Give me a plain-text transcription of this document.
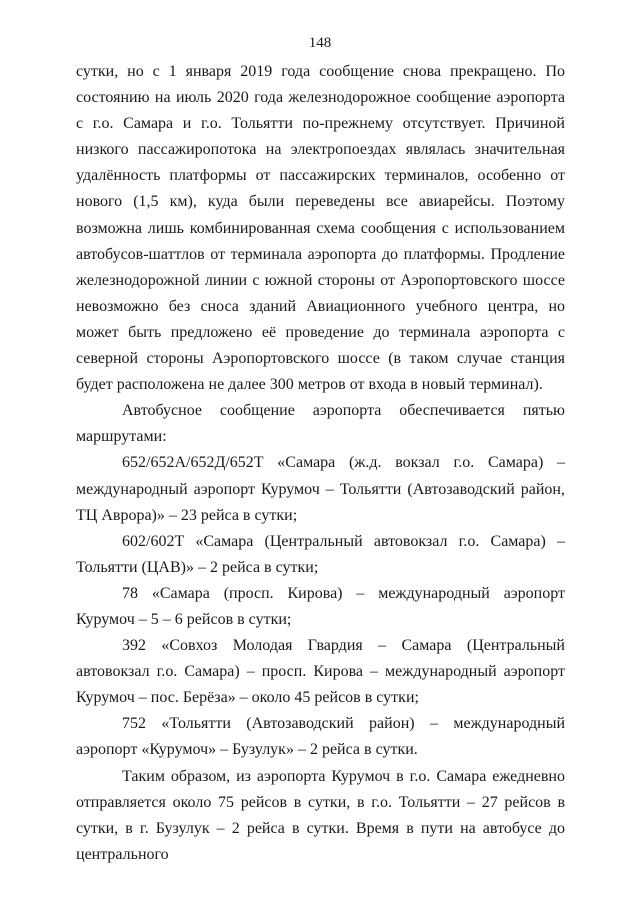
148

сутки, но с 1 января 2019 года сообщение снова прекращено. По состоянию на июль 2020 года железнодорожное сообщение аэропорта с г.о. Самара и г.о. Тольятти по-прежнему отсутствует. Причиной низкого пассажиропотока на электропоездах являлась значительная удалённость платформы от пассажирских терминалов, особенно от нового (1,5 км), куда были переведены все авиарейсы. Поэтому возможна лишь комбинированная схема сообщения с использованием автобусов-шаттлов от терминала аэропорта до платформы. Продление железнодорожной линии с южной стороны от Аэропортовского шоссе невозможно без сноса зданий Авиационного учебного центра, но может быть предложено её проведение до терминала аэропорта с северной стороны Аэропортовского шоссе (в таком случае станция будет расположена не далее 300 метров от входа в новый терминал).

Автобусное сообщение аэропорта обеспечивается пятью маршрутами:

652/652А/652Д/652Т «Самара (ж.д. вокзал г.о. Самара) – международный аэропорт Курумоч – Тольятти (Автозаводский район, ТЦ Аврора)» – 23 рейса в сутки;

602/602Т «Самара (Центральный автовокзал г.о. Самара) – Тольятти (ЦАВ)» – 2 рейса в сутки;

78 «Самара (просп. Кирова) – международный аэропорт Курумоч – 5 – 6 рейсов в сутки;

392 «Совхоз Молодая Гвардия – Самара (Центральный автовокзал г.о. Самара) – просп. Кирова – международный аэропорт Курумоч – пос. Берёза» – около 45 рейсов в сутки;

752 «Тольятти (Автозаводский район) – международный аэропорт «Курумоч» – Бузулук» – 2 рейса в сутки.

Таким образом, из аэропорта Курумоч в г.о. Самара ежедневно отправляется около 75 рейсов в сутки, в г.о. Тольятти – 27 рейсов в сутки, в г. Бузулук – 2 рейса в сутки. Время в пути на автобусе до центрального
